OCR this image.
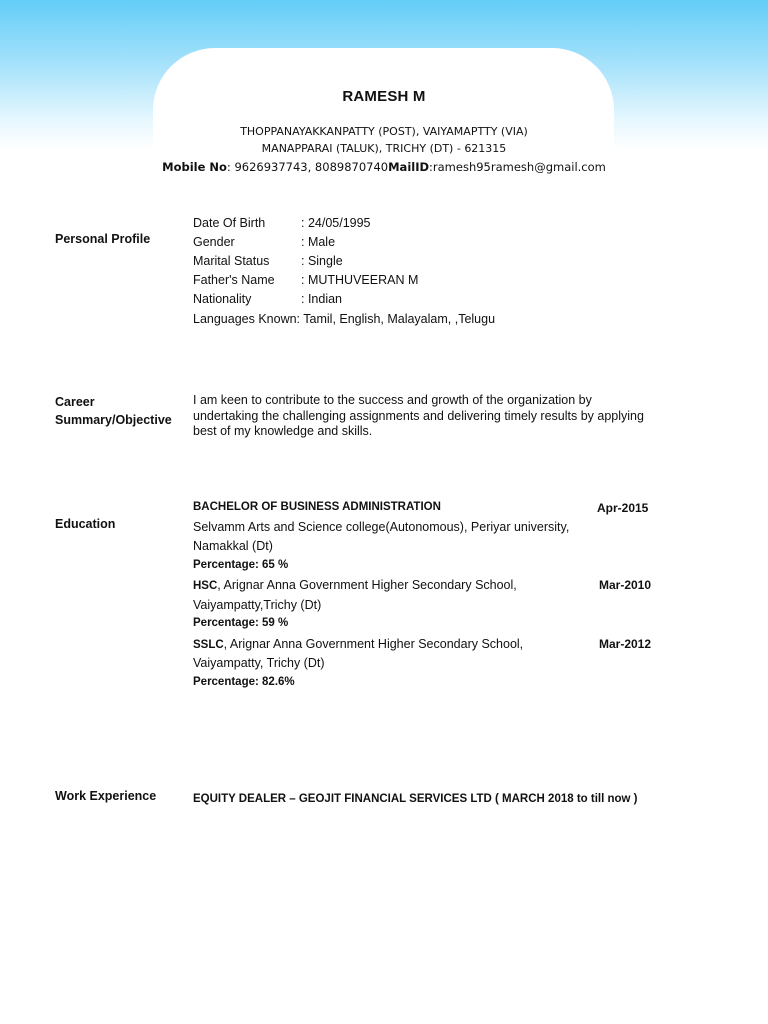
RAMESH M
THOPPANAYAKKANPATTY (POST), VAIYAMAPTTY (VIA)
MANAPPARAI (TALUK), TRICHY (DT) - 621315
Mobile No: 9626937743, 8089870740MailID:ramesh95ramesh@gmail.com
Personal Profile
Date Of Birth	: 24/05/1995
Gender	: Male
Marital Status	: Single
Father's Name : MUTHUVEERAN M
Nationality	: Indian
Languages Known: Tamil, English, Malayalam, ,Telugu
Career
Summary/Objective
I am keen to contribute to the success and growth of the organization by undertaking the challenging assignments and delivering timely results by applying best of my knowledge and skills.
Education
BACHELOR OF BUSINESS ADMINISTRATION	Apr-2015
Selvamm Arts and Science college(Autonomous), Periyar university,
Namakkal (Dt)
Percentage: 65 %
HSC, Arignar Anna Government Higher Secondary School,	Mar-2010
Vaiyampatty,Trichy (Dt)
Percentage: 59 %
SSLC, Arignar Anna Government Higher Secondary School,	Mar-2012
Vaiyampatty, Trichy (Dt)
Percentage: 82.6%
Work Experience	EQUITY DEALER – GEOJIT FINANCIAL SERVICES LTD ( MARCH 2018 to till now )
